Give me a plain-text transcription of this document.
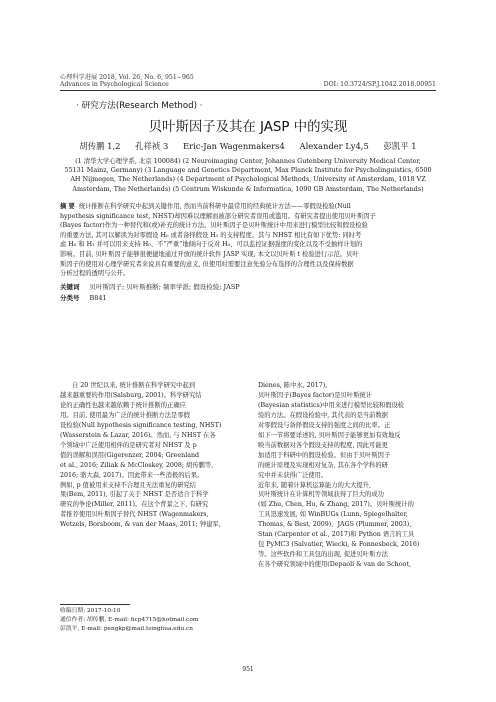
心理科学进展 2018, Vol. 26, No. 6, 951−965
Advances in Psychological Science	DOI: 10.3724/SP.J.1042.2018.00951
· 研究方法(Research Method) ·
贝叶斯因子及其在 JASP 中的实现
胡传鹏 1,2 孔祥祯 3 Eric-Jan Wagenmakers4 Alexander Ly4,5 彭凯平 1
(1 清华大学心理学系, 北京 100084) (2 Neuroimaging Center, Johannes Gutenberg University Medical Center,
55131 Mainz, Germany) (3 Language and Genetics Department, Max Planck Institute for Psycholinguistics, 6500
AH Nijmegen, The Netherlands) (4 Department of Psychological Methods, University of Amsterdam, 1018 VZ
Amsterdam, The Netherlands) (5 Centrum Wiskunde & Informatica, 1090 GB Amsterdam, The Netherlands)
摘 要 统计推断在科学研究中起到关键作用, 然而当前科研中最常用的经典统计方法——零假设检验(Null
hypothesis significance test, NHST)却因难以理解而被部分研究者误用或滥用。有研究者提出使用贝叶斯因子
(Bayes factor)作为一种替代和(或)补充的统计方法。贝叶斯因子是贝叶斯统计中用来进行模型比较和假设检验
的重要方法, 其可以解读为对零假设 H₀ 或者备择假设 H₁ 的支持程度。其与 NHST 相比有如下优势: 同时考
虑 H₀ 和 H₁ 并可以用来支持 H₀、不“严重”地倾向于反对 H₀、可以监控证据强度的变化以及不受抽样计划的
影响。目前, 贝叶斯因子能够很便捷地通过开放的统计软件 JASP 实现, 本文以贝叶斯 t 检验进行示范。贝叶
斯因子的使用对心理学研究者来说具有重要的意义, 但使用时需要注意先验分布选择的合理性以及保持数据
分析过程的透明与公开。
关键词 贝叶斯因子; 贝叶斯推断; 频率学派; 假设检验; JASP
分类号 B841
自 20 世纪以来, 统计推断在科学研究中起到
越来越重要的作用(Salsburg, 2001)。科学研究结
论的正确性也越来越依赖于统计推断的正确应
用。目前, 使用最为广泛的统计推断方法是零假
设检验(Null hypothesis significance testing, NHST)
(Wasserstein & Lazar, 2016)。然而, 与 NHST 在各
个领域中广泛使用相伴的是研究者对 NHST 及 p
值的误解和误用(Gigerenzer, 2004; Greenland
et al., 2016; Ziliak & McCloskey, 2008; 胡传鹏等,
2016; 骆大森, 2017)。因此带来一些消极的后果。
例如, p 值被用来支持不合理且无法重复的研究结
果(Bem, 2011), 引起了关于 NHST 是否适合于科学
研究的争论(Miller, 2011)。在这个背景之下, 有研究
者推荐使用贝叶斯因子替代 NHST (Wagenmakers,
Wetzels, Borsboom, & van der Maas, 2011; 钟建军,
Dienes, 陈中永, 2017)。
贝叶斯因子(Bayes factor)是贝叶斯统计
(Bayesian statistics)中用来进行模型比较和假设检
验的方法。在假设检验中, 其代表的是当前数据
对零假设与备择假设支持的强度之间的比率。正
如下一节将要详述的, 贝叶斯因子能够更加有效地反
映当前数据对各个假设支持的程度, 因此可能更
加适用于科研中的假设检验。但由于贝叶斯因子
的统计原理及实现相对复杂, 其在各个学科的研
究中并未获得广泛使用。
近年来, 随着计算机运算能力的大大提升,
贝叶斯统计在计算机等领域获得了巨大的成功
(如 Zhu, Chen, Hu, & Zhang, 2017)。贝叶斯统计的
工具迅速发展, 如 WinBUGs (Lunn, Spiegelhalter,
Thomas, & Best, 2009)、JAGS (Plummer, 2003)、
Stan (Carpenter et al., 2017)和 Python 语言的工具
包 PyMC3 (Salvatier, Wiecki, & Fonnesbeck, 2016)
等。这些软件和工具包的出现, 促进贝叶斯方法
在各个研究领域中的使用(Depaoli & van de Schoot,
收稿日期: 2017-10-10
通信作者: 胡传鹏, E-mail: hcp4715@hotmail.com
彭凯平, E-mail: pengkp@mail.tsinghua.edu.cn
951
